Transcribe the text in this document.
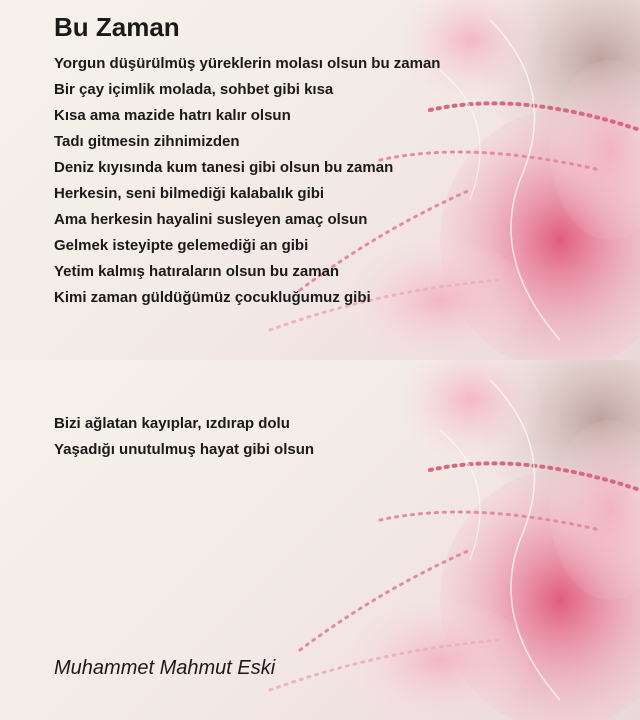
Bu Zaman
Yorgun düşürülmüş yüreklerin molası olsun bu zaman
Bir çay içimlik molada, sohbet gibi kısa
Kısa ama mazide hatrı kalır olsun
Tadı gitmesin zihnimizden
Deniz kıyısında kum tanesi gibi olsun bu zaman
Herkesin, seni bilmediği kalabalık gibi
Ama herkesin hayalini susleyen amaç olsun
Gelmek isteyipte gelemediği an gibi
Yetim kalmış hatıraların olsun bu zaman
Kimi zaman güldüğümüz çocukluğumuz gibi
Bizi ağlatan kayıplar, ızdırap dolu
Yaşadığı unutulmuş hayat gibi olsun
Muhammet Mahmut Eski
